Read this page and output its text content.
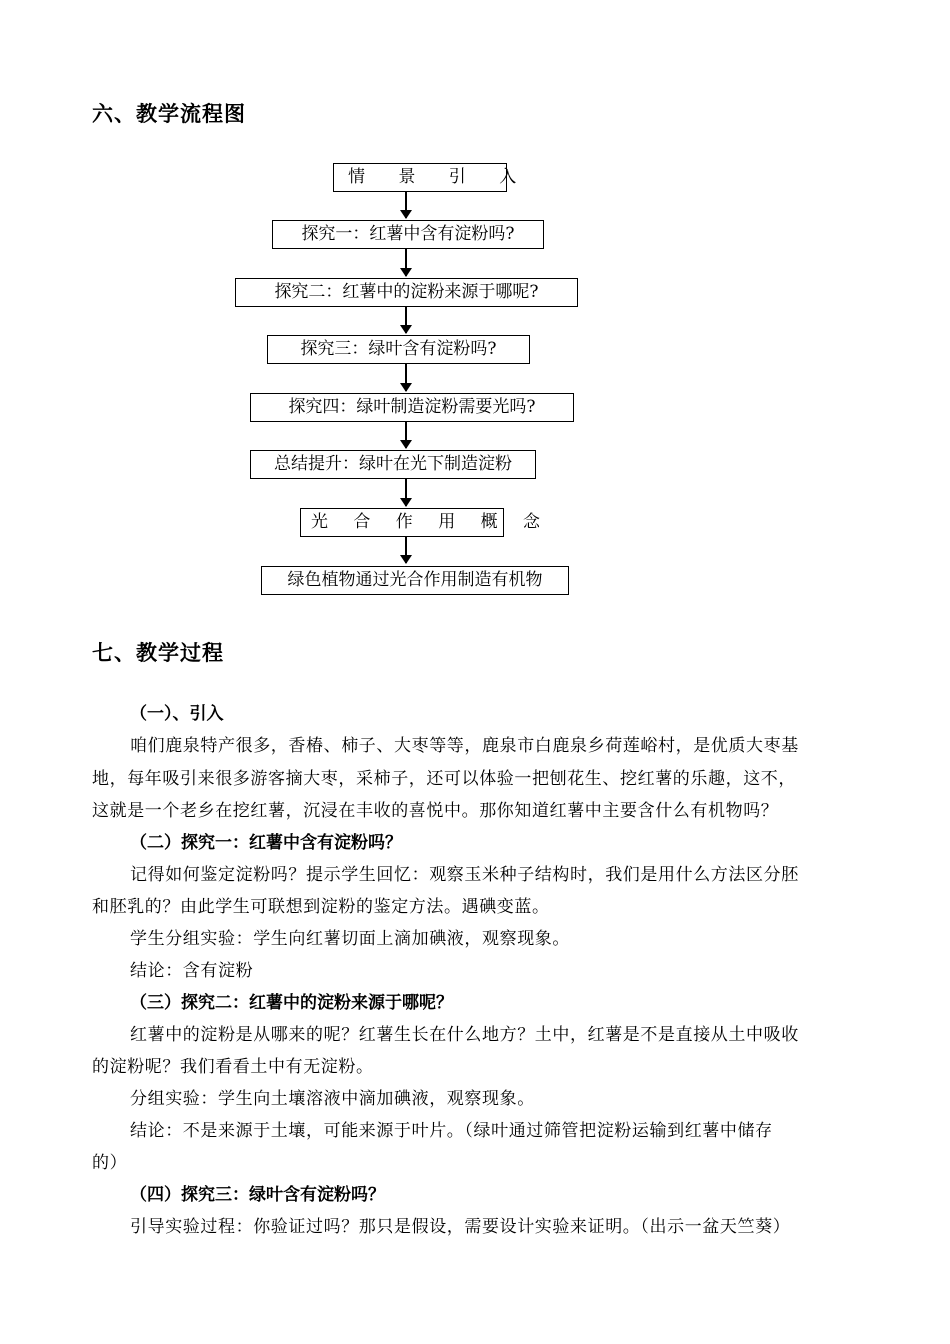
六、教学流程图
情 景 引 入
探究一：红薯中含有淀粉吗?
探究二：红薯中的淀粉来源于哪呢?
探究三：绿叶含有淀粉吗?
探究四：绿叶制造淀粉需要光吗?
总结提升：绿叶在光下制造淀粉
光 合 作 用 概 念
绿色植物通过光合作用制造有机物
七、教学过程
（一）、引入
咱们鹿泉特产很多，香椿、柿子、大枣等等，鹿泉市白鹿泉乡荷莲峪村，是优质大枣基
地，每年吸引来很多游客摘大枣，采柿子，还可以体验一把刨花生、挖红薯的乐趣，这不，
这就是一个老乡在挖红薯，沉浸在丰收的喜悦中。那你知道红薯中主要含什么有机物吗？
（二）探究一：红薯中含有淀粉吗？
记得如何鉴定淀粉吗？提示学生回忆：观察玉米种子结构时，我们是用什么方法区分胚
和胚乳的？由此学生可联想到淀粉的鉴定方法。遇碘变蓝。
学生分组实验：学生向红薯切面上滴加碘液，观察现象。
结论：含有淀粉
（三）探究二：红薯中的淀粉来源于哪呢？
红薯中的淀粉是从哪来的呢？红薯生长在什么地方？土中，红薯是不是直接从土中吸收
的淀粉呢？我们看看土中有无淀粉。
分组实验：学生向土壤溶液中滴加碘液，观察现象。
结论：不是来源于土壤，可能来源于叶片。（绿叶通过筛管把淀粉运输到红薯中储存
的）
（四）探究三：绿叶含有淀粉吗？
引导实验过程：你验证过吗？那只是假设，需要设计实验来证明。（出示一盆天竺葵）
